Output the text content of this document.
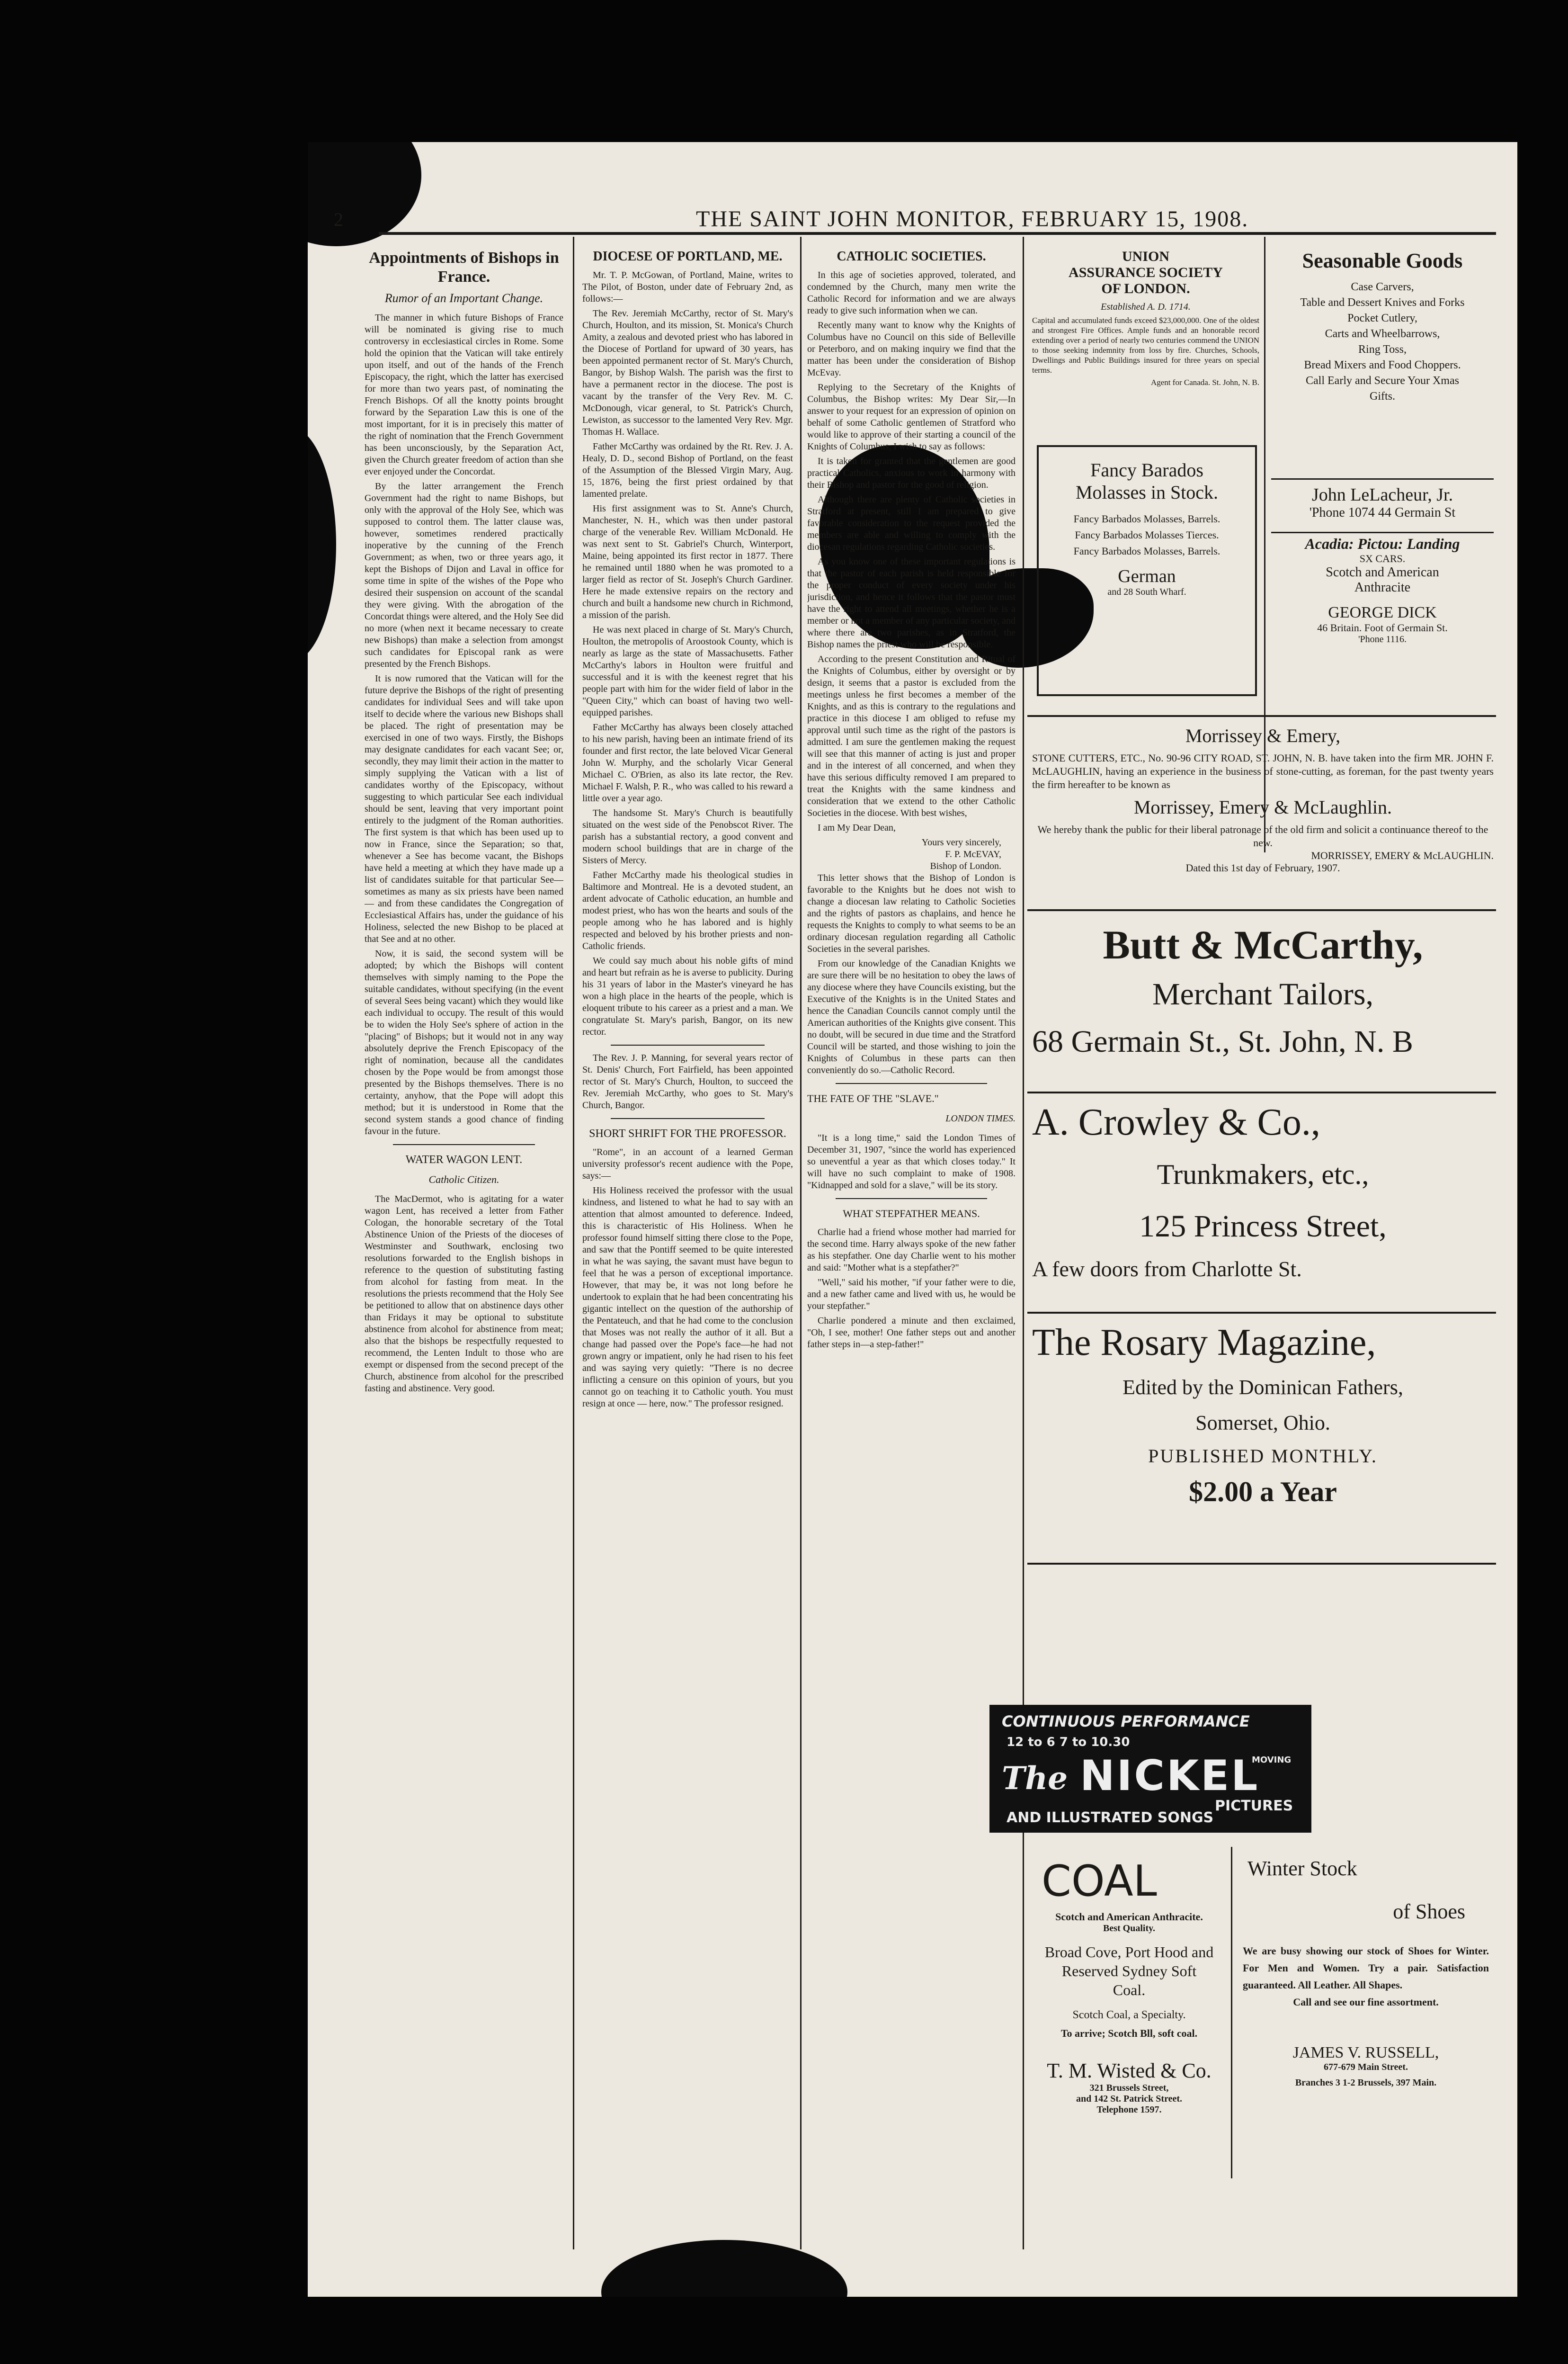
2	THE SAINT JOHN MONITOR, FEBRUARY 15, 1908.
Appointments of Bishops in France.
Rumor of an Important Change.

The manner in which future Bishops of France will be nominated is giving rise to much controversy in ecclesiastical circles in Rome. Some hold the opinion that the Vatican will take entirely upon itself, and out of the hands of the French Episcopacy, the right, which the latter has exercised for more than two years past, of nominating the French Bishops. Of all the knotty points brought forward by the Separation Law this is one of the most important, for it is in precisely this matter of the right of nomination that the French Government has been unconsciously, by the Separation Act, given the Church greater freedom of action than she ever enjoyed under the Concordat.

By the latter arrangement the French Government had the right to name Bishops, but only with the approval of the Holy See, which was supposed to control them. The latter clause was, however, sometimes rendered practically inoperative by the cunning of the French Government; as when, two or three years ago, it kept the Bishops of Dijon and Laval in office for some time in spite of the wishes of the Pope who desired their suspension on account of the scandal they were giving. With the abrogation of the Concordat things were altered, and the Holy See did no more (when next it became necessary to create new Bishops) than make a selection from amongst such candidates for Episcopal rank as were presented by the French Bishops.

It is now rumored that the Vatican will for the future deprive the Bishops of the right of presenting candidates for individual Sees and will take upon itself to decide where the various new Bishops shall be placed. The right of presentation may be exercised in one of two ways. Firstly, the Bishops may designate candidates for each vacant See; or, secondly, they may limit their action in the matter to simply supplying the Vatican with a list of candidates worthy of the Episcopacy, without suggesting to which particular See each individual should be sent, leaving that very important point entirely to the judgment of the Roman authorities. The first system is that which has been used up to now in France, since the Separation; so that, whenever a See has become vacant, the Bishops have held a meeting at which they have made up a list of candidates suitable for that particular See—sometimes as many as six priests have been named — and from these candidates the Congregation of Ecclesiastical Affairs has, under the guidance of his Holiness, selected the new Bishop to be placed at that See and at no other.

Now, it is said, the second system will be adopted; by which the Bishops will content themselves with simply naming to the Pope the suitable candidates, without specifying (in the event of several Sees being vacant) which they would like each individual to occupy. The result of this would be to widen the Holy See's sphere of action in the "placing" of Bishops; but it would not in any way absolutely deprive the French Episcopacy of the right of nomination, because all the candidates chosen by the Pope would be from amongst those presented by the Bishops themselves. There is no certainty, anyhow, that the Pope will adopt this method; but it is understood in Rome that the second system stands a good chance of finding favour in the future.

WATER WAGON LENT.
Catholic Citizen.

The MacDermot, who is agitating for a water wagon Lent, has received a letter from Father Cologan, the honorable secretary of the Total Abstinence Union of the Priests of the dioceses of Westminster and Southwark, enclosing two resolutions forwarded to the English bishops in reference to the question of substituting fasting from alcohol for fasting from meat. In the resolutions the priests recommend that the Holy See be petitioned to allow that on abstinence days other than Fridays it may be optional to substitute abstinence from alcohol for abstinence from meat; also that the bishops be respectfully requested to recommend, the Lenten Indult to those who are exempt or dispensed from the second precept of the Church, abstinence from alcohol for the prescribed fasting and abstinence. Very good.

DIOCESE OF PORTLAND, ME.

Mr. T. P. McGowan, of Portland, Maine, writes to The Pilot, of Boston, under date of February 2nd, as follows:—

The Rev. Jeremiah McCarthy, rector of St. Mary's Church, Houlton, and its mission, St. Monica's Church Amity, a zealous and devoted priest who has labored in the Diocese of Portland for upward of 30 years, has been appointed permanent rector of St. Mary's Church, Bangor, by Bishop Walsh. The parish was the first to have a permanent rector in the diocese. The post is vacant by the transfer of the Very Rev. M. C. McDonough, vicar general, to St. Patrick's Church, Lewiston, as successor to the lamented Very Rev. Mgr. Thomas H. Wallace.

Father McCarthy was ordained by the Rt. Rev. J. A. Healy, D. D., second Bishop of Portland, on the feast of the Assumption of the Blessed Virgin Mary, Aug. 15, 1876, being the first priest ordained by that lamented prelate.

His first assignment was to St. Anne's Church, Manchester, N. H., which was then under pastoral charge of the venerable Rev. William McDonald. He was next sent to St. Gabriel's Church, Winterport, Maine, being appointed its first rector in 1877. There he remained until 1880 when he was promoted to a larger field as rector of St. Joseph's Church Gardiner. Here he made extensive repairs on the rectory and church and built a handsome new church in Richmond, a mission of the parish.

He was next placed in charge of St. Mary's Church, Houlton, the metropolis of Aroostook County, which is nearly as large as the state of Massachusetts. Father McCarthy's labors in Houlton were fruitful and successful and it is with the keenest regret that his people part with him for the wider field of labor in the "Queen City," which can boast of having two well-equipped parishes.

Father McCarthy has always been closely attached to his new parish, having been an intimate friend of its founder and first rector, the late beloved Vicar General John W. Murphy, and the scholarly Vicar General Michael C. O'Brien, as also its late rector, the Rev. Michael F. Walsh, P. R., who was called to his reward a little over a year ago.

The handsome St. Mary's Church is beautifully situated on the west side of the Penobscot River. The parish has a substantial rectory, a good convent and modern school buildings that are in charge of the Sisters of Mercy.

Father McCarthy made his theological studies in Baltimore and Montreal. He is a devoted student, an ardent advocate of Catholic education, an humble and modest priest, who has won the hearts and souls of the people among who he has labored and is highly respected and beloved by his brother priests and non-Catholic friends.

We could say much about his noble gifts of mind and heart but refrain as he is averse to publicity. During his 31 years of labor in the Master's vineyard he has won a high place in the hearts of the people, which is eloquent tribute to his career as a priest and a man. We congratulate St. Mary's parish, Bangor, on its new rector.

The Rev. J. P. Manning, for several years rector of St. Denis' Church, Fort Fairfield, has been appointed rector of St. Mary's Church, Houlton, to succeed the Rev. Jeremiah McCarthy, who goes to St. Mary's Church, Bangor.

SHORT SHRIFT FOR THE PROFESSOR.

"Rome", in an account of a learned German university professor's recent audience with the Pope, says:—

His Holiness received the professor with the usual kindness, and listened to what he had to say with an attention that almost amounted to deference. Indeed, this is characteristic of His Holiness. When he professor found himself sitting there close to the Pope, and saw that the Pontiff seemed to be quite interested in what he was saying, the savant must have begun to feel that he was a person of exceptional importance. However, that may be, it was not long before he undertook to explain that he had been concentrating his gigantic intellect on the question of the authorship of the Pentateuch, and that he had come to the conclusion that Moses was not really the author of it all. But a change had passed over the Pope's face—he had not grown angry or impatient, only he had risen to his feet and was saying very quietly: "There is no decree inflicting a censure on this opinion of yours, but you cannot go on teaching it to Catholic youth. You must resign at once — here, now." The professor resigned.

CATHOLIC SOCIETIES.

In this age of societies approved, tolerated, and condemned by the Church, many men write the Catholic Record for information and we are always ready to give such information when we can.

Recently many want to know why the Knights of Columbus have no Council on this side of Belleville or Peterboro, and on making inquiry we find that the matter has been under the consideration of Bishop McEvay.

Replying to the Secretary of the Knights of Columbus, the Bishop writes: My Dear Sir,—In answer to your request for an expression of opinion on behalf of some Catholic gentlemen of Stratford who would like to approve of their starting a council of the Knights of Columbus, I wish to say as follows:

It is taken for granted that the gentlemen are good practical Catholics, anxious to work in harmony with their Bishop and pastor for the good of religion.

Although there are plenty of Catholic societies in Stratford at present, still I am prepared to give favorable consideration to the request provided the members are able and willing to comply with the diocesan regulations regarding Catholic societies.

As you know one of these important regulations is that the pastor of each parish is held responsible for the proper conduct of every society under his jurisdiction, and hence it follows that the pastor must have the right to attend all meetings, whether he is a member or not a member of any particular society, and where there are two parishes, as in Stratford, the Bishop names the priest who will be responsible.

According to the present Constitution and Ritual of the Knights of Columbus, either by oversight or by design, it seems that a pastor is excluded from the meetings unless he first becomes a member of the Knights, and as this is contrary to the regulations and practice in this diocese I am obliged to refuse my approval until such time as the right of the pastors is admitted. I am sure the gentlemen making the request will see that this manner of acting is just and proper and in the interest of all concerned, and when they have this serious difficulty removed I am prepared to treat the Knights with the same kindness and consideration that we extend to the other Catholic Societies in the diocese. With best wishes,

I am My Dear Dean,

Yours very sincerely,
F. P. McEVAY,
Bishop of London.

This letter shows that the Bishop of London is favorable to the Knights but he does not wish to change a diocesan law relating to Catholic Societies and the rights of pastors as chaplains, and hence he requests the Knights to comply to what seems to be an ordinary diocesan regulation regarding all Catholic Societies in the several parishes.

From our knowledge of the Canadian Knights we are sure there will be no hesitation to obey the laws of any diocese where they have Councils existing, but the Executive of the Knights is in the United States and hence the Canadian Councils cannot comply until the American authorities of the Knights give consent. This no doubt, will be secured in due time and the Stratford Council will be started, and those wishing to join the Knights of Columbus in these parts can then conveniently do so.—Catholic Record.

THE FATE OF THE "SLAVE."
LONDON TIMES.

"It is a long time," said the London Times of December 31, 1907, "since the world has experienced so uneventful a year as that which closes today." It will have no such complaint to make of 1908. "Kidnapped and sold for a slave," will be its story.

WHAT STEPFATHER MEANS.

Charlie had a friend whose mother had married for the second time. Harry always spoke of the new father as his stepfather. One day Charlie went to his mother and said: "Mother what is a stepfather?"

"Well," said his mother, "if your father were to die, and a new father came and lived with us, he would be your stepfather."

Charlie pondered a minute and then exclaimed, "Oh, I see, mother! One father steps out and another father steps in—a step-father!"

UNION
ASSURANCE SOCIETY
OF LONDON.
Established A. D. 1714.
Capital and accumulated funds exceed $23,000,000. One of the oldest and strongest Fire Offices. Ample funds and an honorable record extending over a period of nearly two centuries commend the UNION to those seeking indemnity from loss by fire. Churches, Schools, Dwellings and Public Buildings insured for three years on special terms.
Agent for Canada. St. John, N. B.
Fancy Barados
Molasses in Stock.
Fancy Barbados Molasses, Barrels.
Fancy Barbados Molasses Tierces.
Fancy Barbados Molasses, Barrels.
German
and 28 South Wharf.
Seasonable Goods
Case Carvers,
Table and Dessert Knives and Forks
Pocket Cutlery,
Carts and Wheelbarrows,
Ring Toss,
Bread Mixers and Food Choppers.
Call Early and Secure Your Xmas
Gifts.
John LeLacheur, Jr.
'Phone 1074 44 Germain St
Acadia: Pictou: Landing
SX CARS.
Scotch and American
Anthracite
GEORGE DICK
46 Britain. Foot of Germain St.
'Phone 1116.
Morrissey & Emery,
STONE CUTTERS, ETC., No. 90-96 CITY ROAD, ST. JOHN, N. B. have taken into the firm MR. JOHN F. McLAUGHLIN, having an experience in the business of stone-cutting, as foreman, for the past twenty years the firm hereafter to be known as
Morrissey, Emery & McLaughlin.
We hereby thank the public for their liberal patronage of the old firm and solicit a continuance thereof to the new.
MORRISSEY, EMERY & McLAUGHLIN.
Dated this 1st day of February, 1907.
Butt & McCarthy,
Merchant Tailors,
68 Germain St., St. John, N. B
A. Crowley & Co.,
Trunkmakers, etc.,
125 Princess Street,
A few doors from Charlotte St.
The Rosary Magazine,
Edited by the Dominican Fathers,
Somerset, Ohio.
PUBLISHED MONTHLY.
$2.00 a Year
CONTINUOUS PERFORMANCE
12 to 6 7 to 10.30
The NICKEL
MOVING
PICTURES
AND ILLUSTRATED SONGS
COAL
Scotch and American Anthracite.
Best Quality.
Broad Cove, Port Hood and
Reserved Sydney Soft
Coal.
Scotch Coal, a Specialty.
To arrive; Scotch Bll, soft coal.
T. M. Wisted & Co.
321 Brussels Street,
and 142 St. Patrick Street.
Telephone 1597.
Winter Stock
of Shoes
We are busy showing our stock of Shoes for Winter. For Men and Women. Try a pair. Satisfaction guaranteed. All Leather. All Shapes.
Call and see our fine assortment.
JAMES V. RUSSELL,
677-679 Main Street.
Branches 3 1-2 Brussels, 397 Main.
